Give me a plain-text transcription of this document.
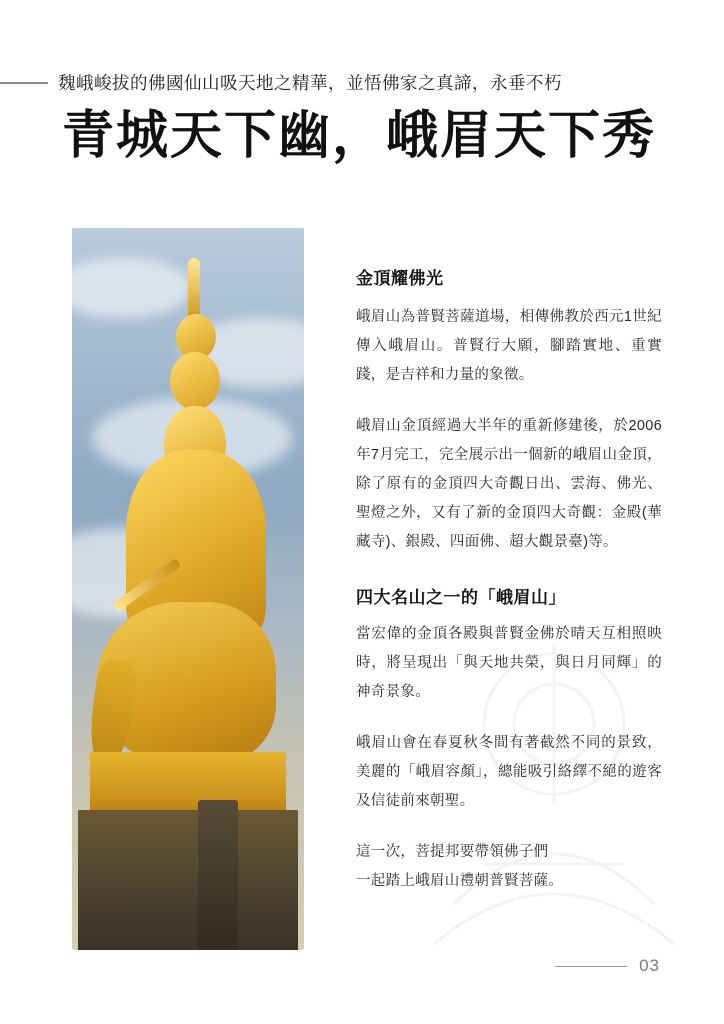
魏峨峻拔的佛國仙山吸天地之精華，並悟佛家之真諦，永垂不朽
青城天下幽，峨眉天下秀
金頂耀佛光

峨眉山為普賢菩薩道場，相傳佛教於西元1世紀傳入峨眉山。普賢行大願，腳踏實地、重實踐，是吉祥和力量的象徵。

峨眉山金頂經過大半年的重新修建後，於2006年7月完工，完全展示出一個新的峨眉山金頂，除了原有的金頂四大奇觀日出、雲海、佛光、聖燈之外，又有了新的金頂四大奇觀：金殿(華藏寺)、銀殿、四面佛、超大觀景臺)等。

四大名山之一的「峨眉山」

當宏偉的金頂各殿與普賢金佛於晴天互相照映時，將呈現出「與天地共榮，與日月同輝」的神奇景象。

峨眉山會在春夏秋冬間有著截然不同的景致，美麗的「峨眉容顏」，總能吸引絡繹不絕的遊客及信徒前來朝聖。

這一次，菩提邦要帶領佛子們

一起踏上峨眉山禮朝普賢菩薩。

03
